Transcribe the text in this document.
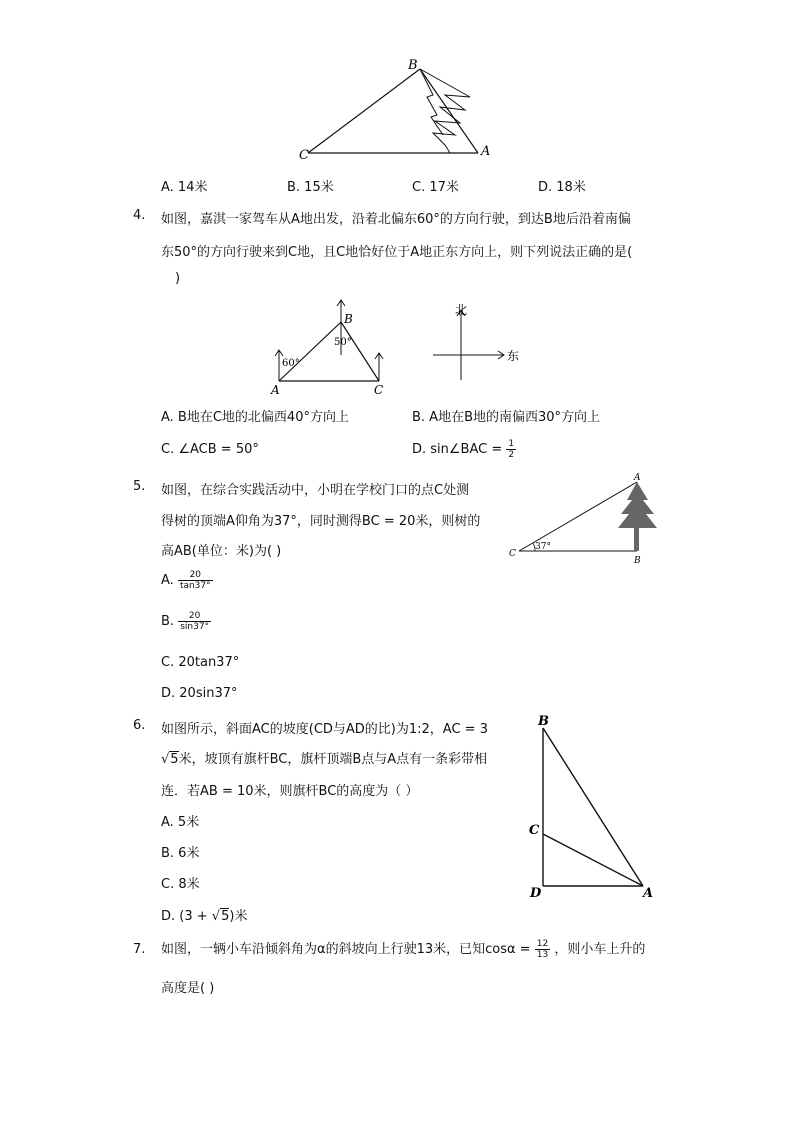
B
C	A
A. 14米	B. 15米	C. 17米	D. 18米
4. 如图，嘉淇一家驾车从A地出发，沿着北偏东60°的方向行驶，到达B地后沿着南偏
东50°的方向行驶来到C地，且C地恰好位于A地正东方向上，则下列说法正确的是(
)
60°
50°
A
B
C
北
东
A. B地在C地的北偏西40°方向上	B. A地在B地的南偏西30°方向上
C. ∠ACB = 50°	D. sin∠BAC = $\frac{1}{2}$
5. 如图，在综合实践活动中，小明在学校门口的点C处测
得树的顶端A仰角为37°，同时测得BC = 20米，则树的
高AB(单位：米)为( )	37°
A
B
C
A. $\frac{20}{\tan 37^\circ}$
B. $\frac{20}{\sin 37^\circ}$
C. 20tan37°
D. 20sin37°
6. 如图所示，斜面AC的坡度(CD与AD的比)为1:2，AC = 3
√5米，坡顶有旗杆BC，旗杆顶端B点与A点有一条彩带相
连．若AB = 10米，则旗杆BC的高度为（ ）
B
C
D	A
A. 5米
B. 6米
C. 8米
D. (3 + √5)米
7. 如图，一辆小车沿倾斜角为α的斜坡向上行驶13米，已知$\cos\alpha = \frac{12}{13}$ ，则小车上升的
高度是( )
